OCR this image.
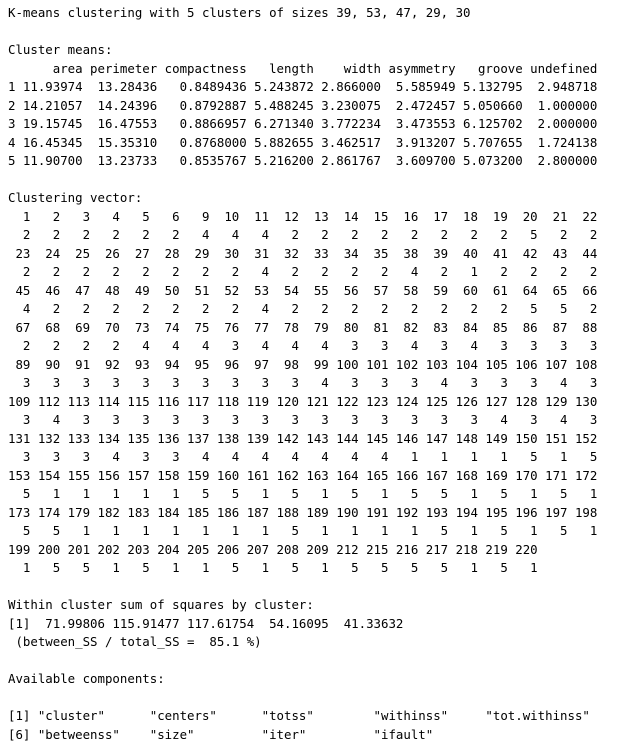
K-means clustering with 5 clusters of sizes 39, 53, 47, 29, 30
Cluster means:
area perimeter compactness   length    width asymmetry   groove undefined
1 11.93974  13.28436   0.8489436 5.243872 2.866000  5.585949 5.132795  2.948718
2 14.21057  14.24396   0.8792887 5.488245 3.230075  2.472457 5.050660  1.000000
3 19.15745  16.47553   0.8866957 6.271340 3.772234  3.473553 6.125702  2.000000
4 16.45345  15.35310   0.8768000 5.882655 3.462517  3.913207 5.707655  1.724138
5 11.90700  13.23733   0.8535767 5.216200 2.861767  3.609700 5.073200  2.800000
Clustering vector:
1   2   3   4   5   6   9  10  11  12  13  14  15  16  17  18  19  20  21  22
2   2   2   2   2   2   4   4   4   2   2   2   2   2   2   2   2   5   2   2
23  24  25  26  27  28  29  30  31  32  33  34  35  38  39  40  41  42  43  44
2   2   2   2   2   2   2   2   4   2   2   2   2   4   2   1   2   2   2   2
45  46  47  48  49  50  51  52  53  54  55  56  57  58  59  60  61  64  65  66
4   2   2   2   2   2   2   2   4   2   2   2   2   2   2   2   2   5   5   2
67  68  69  70  73  74  75  76  77  78  79  80  81  82  83  84  85  86  87  88
2   2   2   2   4   4   4   3   4   4   4   3   3   4   3   4   3   3   3   3
89  90  91  92  93  94  95  96  97  98  99 100 101 102 103 104 105 106 107 108
3   3   3   3   3   3   3   3   3   3   4   3   3   3   4   3   3   3   4   3
109 112 113 114 115 116 117 118 119 120 121 122 123 124 125 126 127 128 129 130
3   4   3   3   3   3   3   3   3   3   3   3   3   3   3   3   4   3   4   3
131 132 133 134 135 136 137 138 139 142 143 144 145 146 147 148 149 150 151 152
3   3   3   4   3   3   4   4   4   4   4   4   4   1   1   1   1   5   1   5
153 154 155 156 157 158 159 160 161 162 163 164 165 166 167 168 169 170 171 172
5   1   1   1   1   1   5   5   1   5   1   5   1   5   5   1   5   1   5   1
173 174 179 182 183 184 185 186 187 188 189 190 191 192 193 194 195 196 197 198
5   5   1   1   1   1   1   1   1   5   1   1   1   1   5   1   5   1   5   1
199 200 201 202 203 204 205 206 207 208 209 212 215 216 217 218 219 220
1   5   5   1   5   1   1   5   1   5   1   5   5   5   5   1   5   1
Within cluster sum of squares by cluster:
[1]  71.99806 115.91477 117.61754  54.16095  41.33632
(between_SS / total_SS =  85.1 %)
Available components:
[1] "cluster"      "centers"      "totss"        "withinss"     "tot.withinss"
[6] "betweenss"    "size"         "iter"         "ifault"
